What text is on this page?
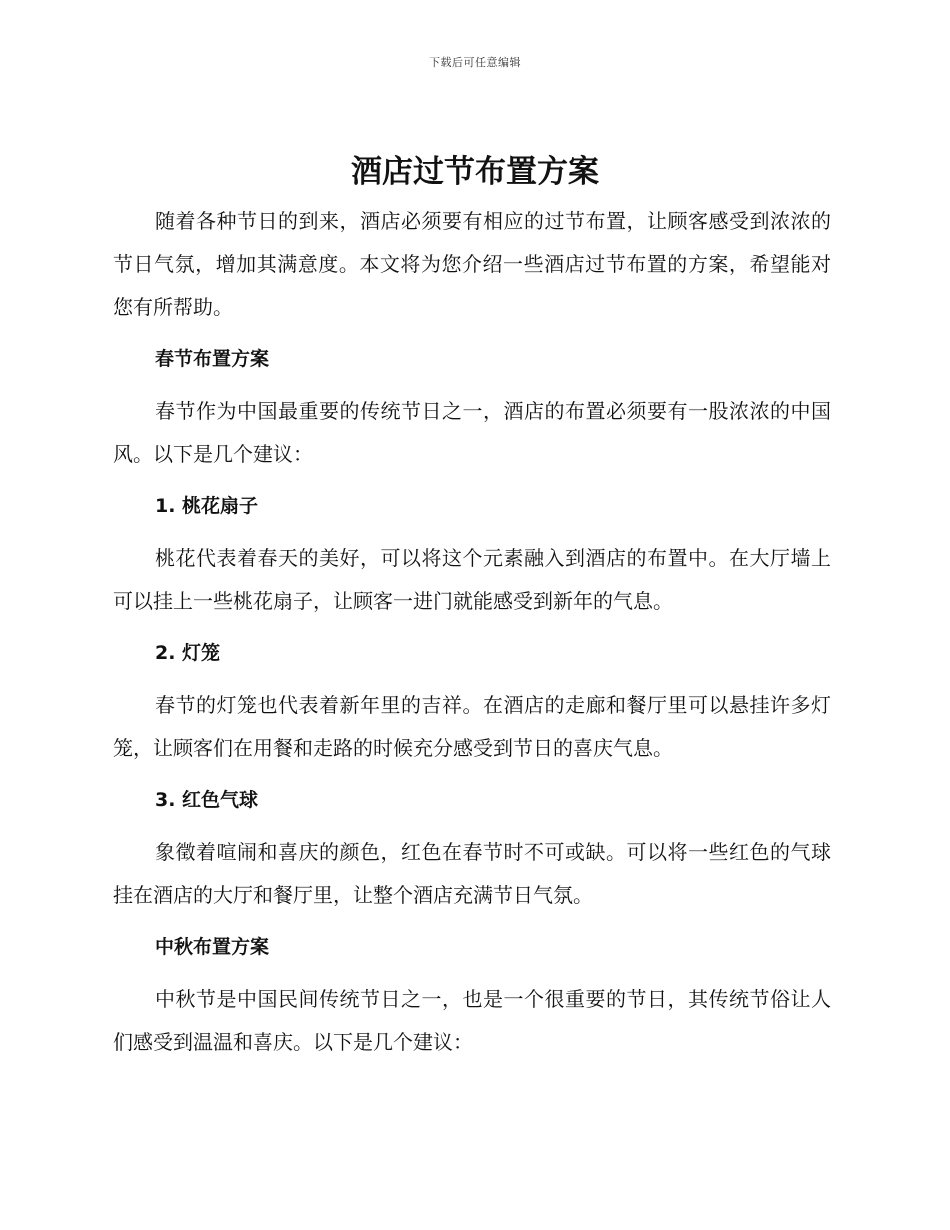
下载后可任意编辑
酒店过节布置方案

随着各种节日的到来，酒店必须要有相应的过节布置，让顾客感受到浓浓的节日气氛，增加其满意度。本文将为您介绍一些酒店过节布置的方案，希望能对您有所帮助。

春节布置方案

春节作为中国最重要的传统节日之一，酒店的布置必须要有一股浓浓的中国风。以下是几个建议：

1. 桃花扇子

桃花代表着春天的美好，可以将这个元素融入到酒店的布置中。在大厅墙上可以挂上一些桃花扇子，让顾客一进门就能感受到新年的气息。

2. 灯笼

春节的灯笼也代表着新年里的吉祥。在酒店的走廊和餐厅里可以悬挂许多灯笼，让顾客们在用餐和走路的时候充分感受到节日的喜庆气息。

3. 红色气球

象徵着喧闹和喜庆的颜色，红色在春节时不可或缺。可以将一些红色的气球挂在酒店的大厅和餐厅里，让整个酒店充满节日气氛。

中秋布置方案

中秋节是中国民间传统节日之一，也是一个很重要的节日，其传统节俗让人们感受到温温和喜庆。以下是几个建议：
